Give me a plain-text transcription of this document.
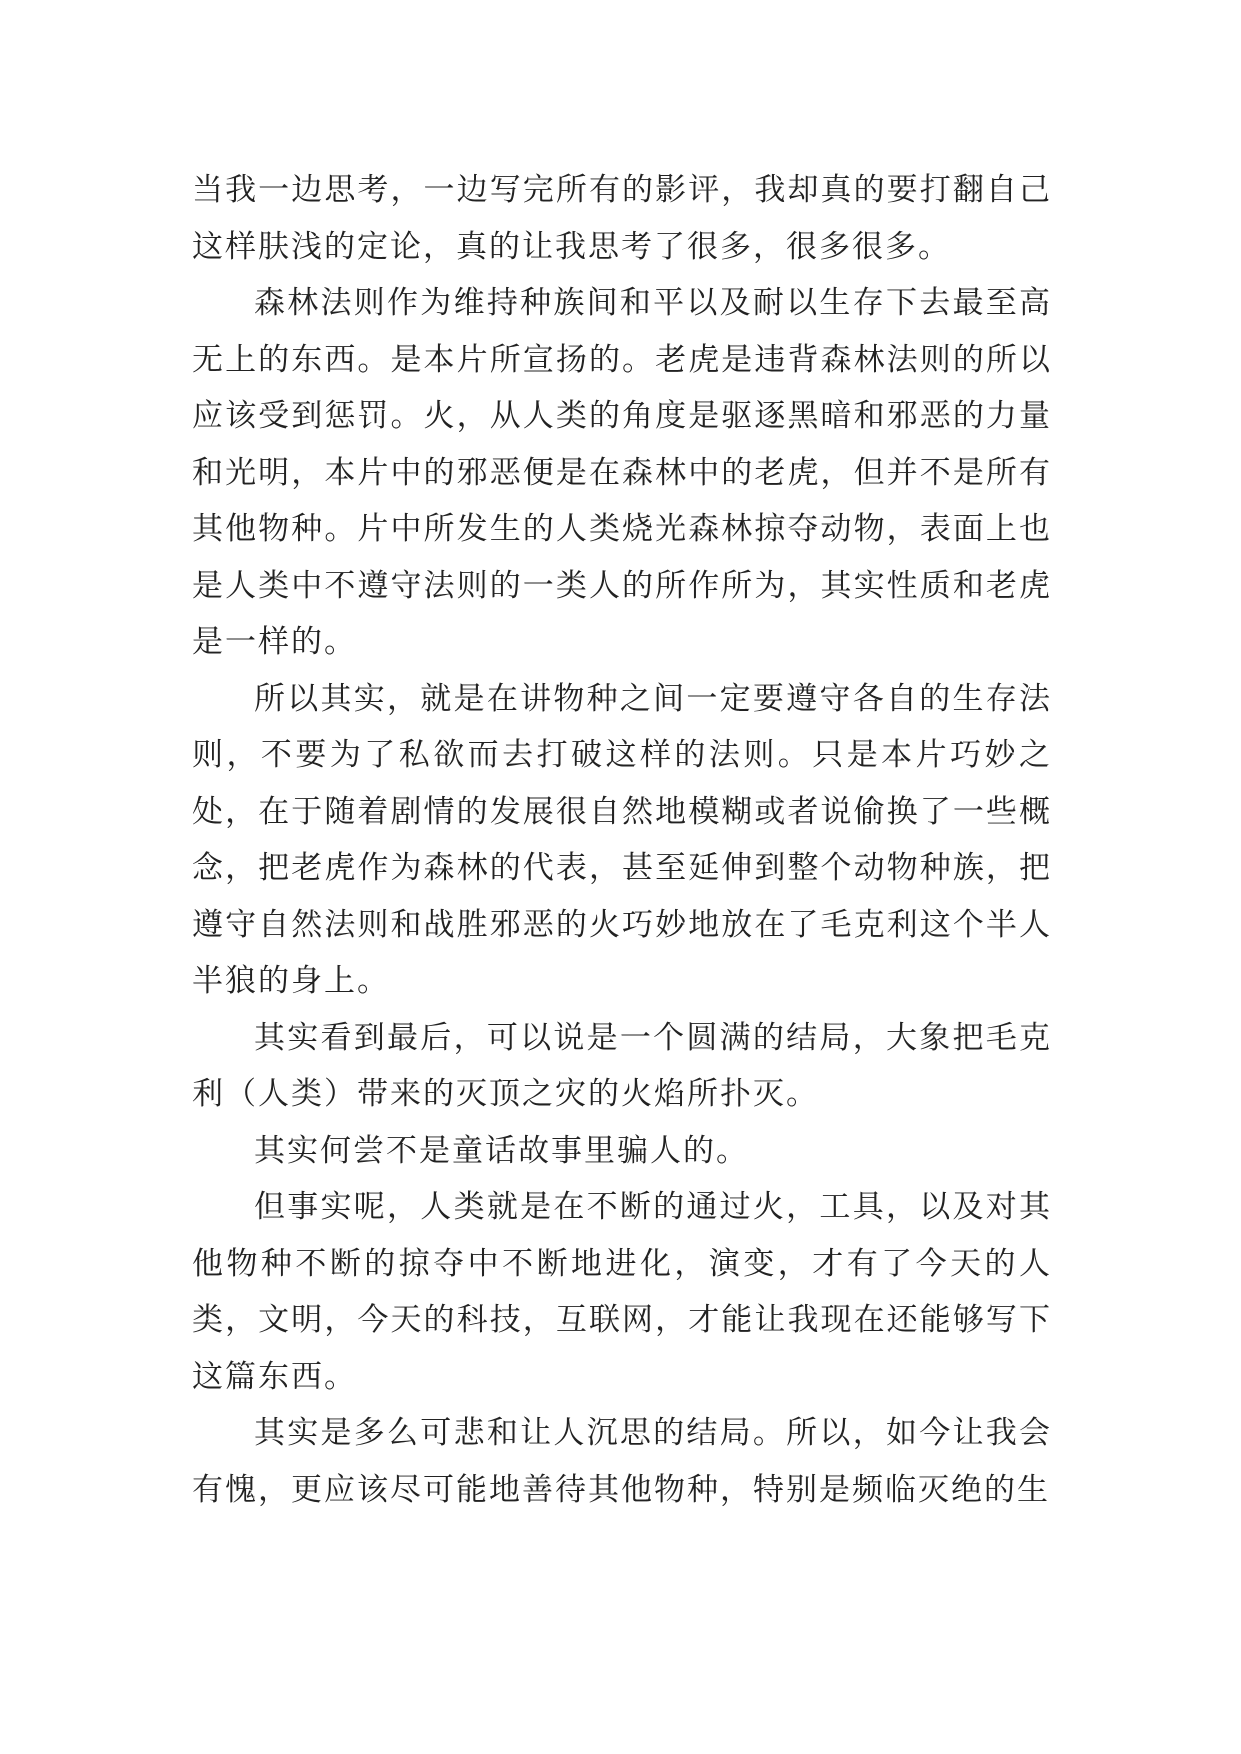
当我一边思考，一边写完所有的影评，我却真的要打翻自己这样肤浅的定论，真的让我思考了很多，很多很多。

森林法则作为维持种族间和平以及耐以生存下去最至高无上的东西。是本片所宣扬的。老虎是违背森林法则的所以应该受到惩罚。火，从人类的角度是驱逐黑暗和邪恶的力量和光明，本片中的邪恶便是在森林中的老虎，但并不是所有其他物种。片中所发生的人类烧光森林掠夺动物，表面上也是人类中不遵守法则的一类人的所作所为，其实性质和老虎是一样的。

所以其实，就是在讲物种之间一定要遵守各自的生存法则，不要为了私欲而去打破这样的法则。只是本片巧妙之处，在于随着剧情的发展很自然地模糊或者说偷换了一些概念，把老虎作为森林的代表，甚至延伸到整个动物种族，把遵守自然法则和战胜邪恶的火巧妙地放在了毛克利这个半人半狼的身上。

其实看到最后，可以说是一个圆满的结局，大象把毛克利（人类）带来的灭顶之灾的火焰所扑灭。

其实何尝不是童话故事里骗人的。

但事实呢，人类就是在不断的通过火，工具，以及对其他物种不断的掠夺中不断地进化，演变，才有了今天的人类，文明，今天的科技，互联网，才能让我现在还能够写下这篇东西。

其实是多么可悲和让人沉思的结局。所以，如今让我会有愧，更应该尽可能地善待其他物种，特别是频临灭绝的生
